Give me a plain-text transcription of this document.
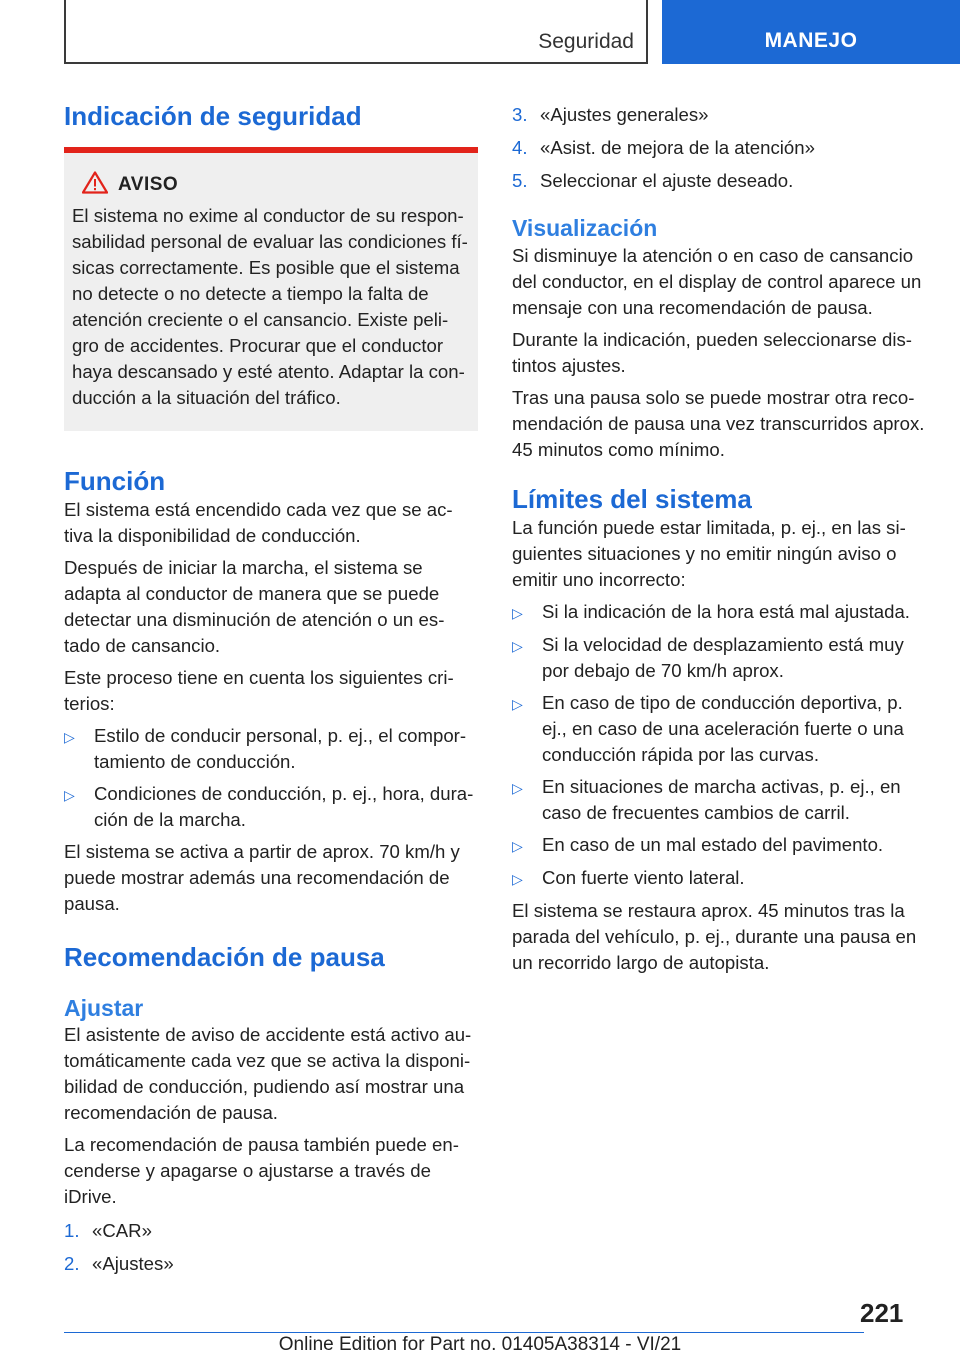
Seguridad	MANEJO
Indicación de seguridad
AVISO

El sistema no exime al conductor de su respon-

sabilidad personal de evaluar las condiciones fí-

sicas correctamente. Es posible que el sistema

no detecte o no detecte a tiempo la falta de

atención creciente o el cansancio. Existe peli-

gro de accidentes. Procurar que el conductor

haya descansado y esté atento. Adaptar la con-

ducción a la situación del tráfico.

Función

El sistema está encendido cada vez que se ac-tiva la disponibilidad de conducción.

Después de iniciar la marcha, el sistema se adapta al conductor de manera que se puede detectar una disminución de atención o un es-tado de cansancio.

Este proceso tiene en cuenta los siguientes cri-terios:

▷	Estilo de conducir personal, p. ej., el compor-tamiento de conducción.
▷	Condiciones de conducción, p. ej., hora, dura-ción de la marcha.

El sistema se activa a partir de aprox. 70 km/h y puede mostrar además una recomendación de pausa.

Recomendación de pausa
Ajustar

El asistente de aviso de accidente está activo au-tomáticamente cada vez que se activa la disponi-bilidad de conducción, pudiendo así mostrar una recomendación de pausa.

La recomendación de pausa también puede en-cenderse y apagarse o ajustarse a través de iDrive.

1. «CAR»
2. «Ajustes»
3. «Ajustes generales»
4. «Asist. de mejora de la atención»
5. Seleccionar el ajuste deseado.
Visualización

Si disminuye la atención o en caso de cansancio del conductor, en el display de control aparece un mensaje con una recomendación de pausa.

Durante la indicación, pueden seleccionarse dis-tintos ajustes.

Tras una pausa solo se puede mostrar otra reco-mendación de pausa una vez transcurridos aprox. 45 minutos como mínimo.

Límites del sistema

La función puede estar limitada, p. ej., en las si-guientes situaciones y no emitir ningún aviso o emitir uno incorrecto:

▷	Si la indicación de la hora está mal ajustada.
▷	Si la velocidad de desplazamiento está muy por debajo de 70 km/h aprox.
▷	En caso de tipo de conducción deportiva, p. ej., en caso de una aceleración fuerte o una conducción rápida por las curvas.
▷	En situaciones de marcha activas, p. ej., en caso de frecuentes cambios de carril.
▷	En caso de un mal estado del pavimento.
▷	Con fuerte viento lateral.

El sistema se restaura aprox. 45 minutos tras la parada del vehículo, p. ej., durante una pausa en un recorrido largo de autopista.

221
Online Edition for Part no. 01405A38314 - VI/21
